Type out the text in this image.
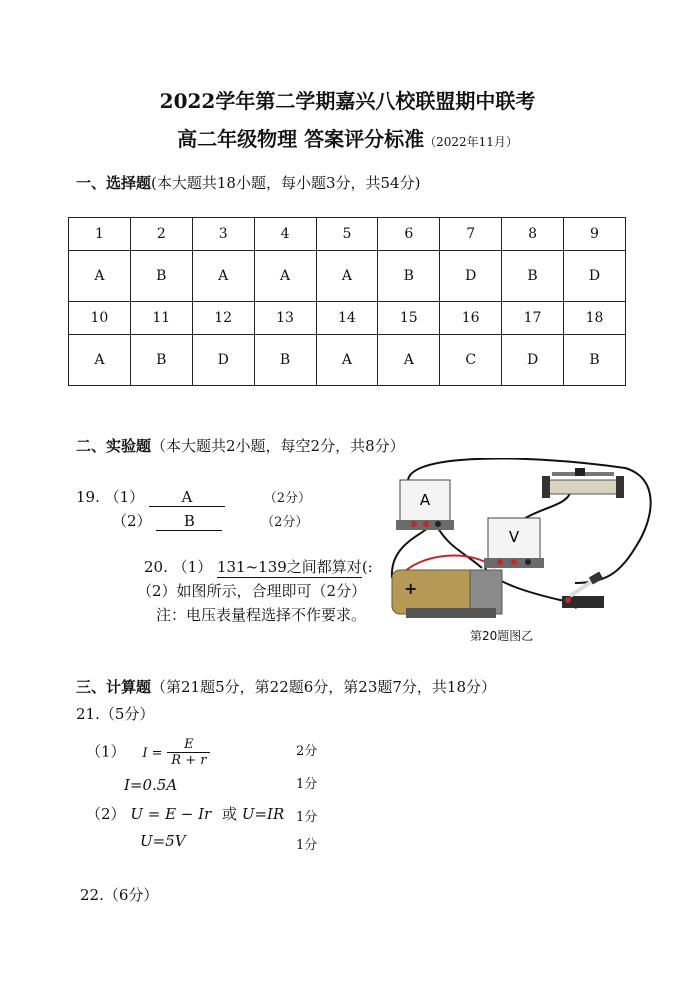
2022学年第二学期嘉兴八校联盟期中联考
高二年级物理 答案评分标准（2022年11月）
一、选择题(本大题共18小题，每小题3分，共54分)
1	2	3	4	5	6	7	8	9
A	B	A	A	A	B	D	B	D
10	11	12	13	14	15	16	17	18
A	B	D	B	A	A	C	D	B
二、实验题（本大题共2小题，每空2分，共8分）
19. （1） A	（2分）
（2） B	（2分）
20. （1） 131~139之间都算对(:
（2）如图所示，合理即可（2分）
注：电压表量程选择不作要求。
A
V
+
第20题图乙
三、计算题（第21题5分，第22题6分，第23题7分，共18分）
21.（5分）
（1） $I = \frac{E}{R + r}$	2分
I=0.5A	1分
（2） U = E − Ir 或 U=IR 1分
U=5V	1分
22.（6分）
